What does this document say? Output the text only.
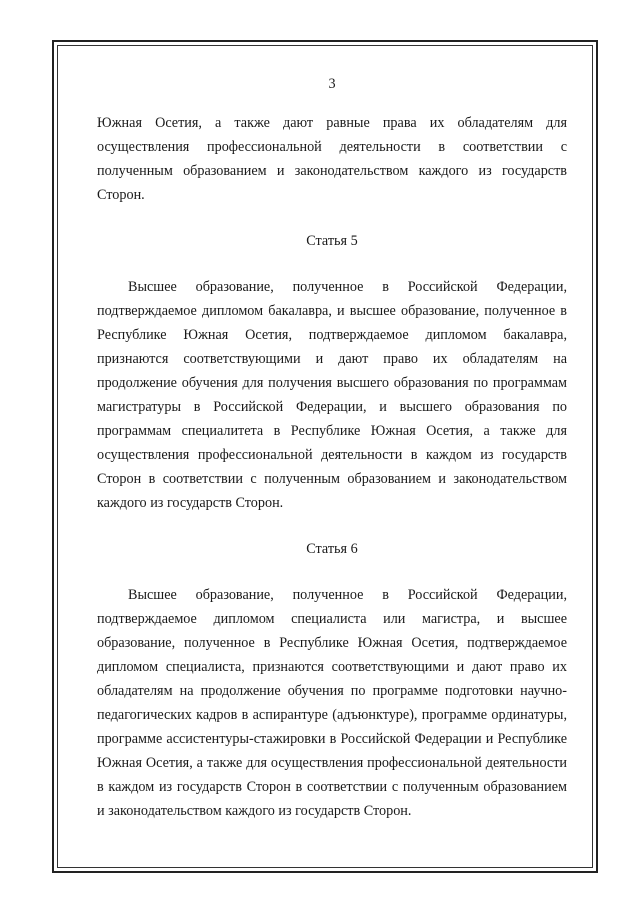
3

Южная Осетия, а также дают равные права их обладателям для осуществления профессиональной деятельности в соответствии с полученным образованием и законодательством каждого из государств Сторон.

Статья 5

Высшее образование, полученное в Российской Федерации, подтверждаемое дипломом бакалавра, и высшее образование, полученное в Республике Южная Осетия, подтверждаемое дипломом бакалавра, признаются соответствующими и дают право их обладателям на продолжение обучения для получения высшего образования по программам магистратуры в Российской Федерации, и высшего образования по программам специалитета в Республике Южная Осетия, а также для осуществления профессиональной деятельности в каждом из государств Сторон в соответствии с полученным образованием и законодательством каждого из государств Сторон.

Статья 6

Высшее образование, полученное в Российской Федерации, подтверждаемое дипломом специалиста или магистра, и высшее образование, полученное в Республике Южная Осетия, подтверждаемое дипломом специалиста, признаются соответствующими и дают право их обладателям на продолжение обучения по программе подготовки научно-педагогических кадров в аспирантуре (адъюнктуре), программе ординатуры, программе ассистентуры-стажировки в Российской Федерации и Республике Южная Осетия, а также для осуществления профессиональной деятельности в каждом из государств Сторон в соответствии с полученным образованием и законодательством каждого из государств Сторон.
